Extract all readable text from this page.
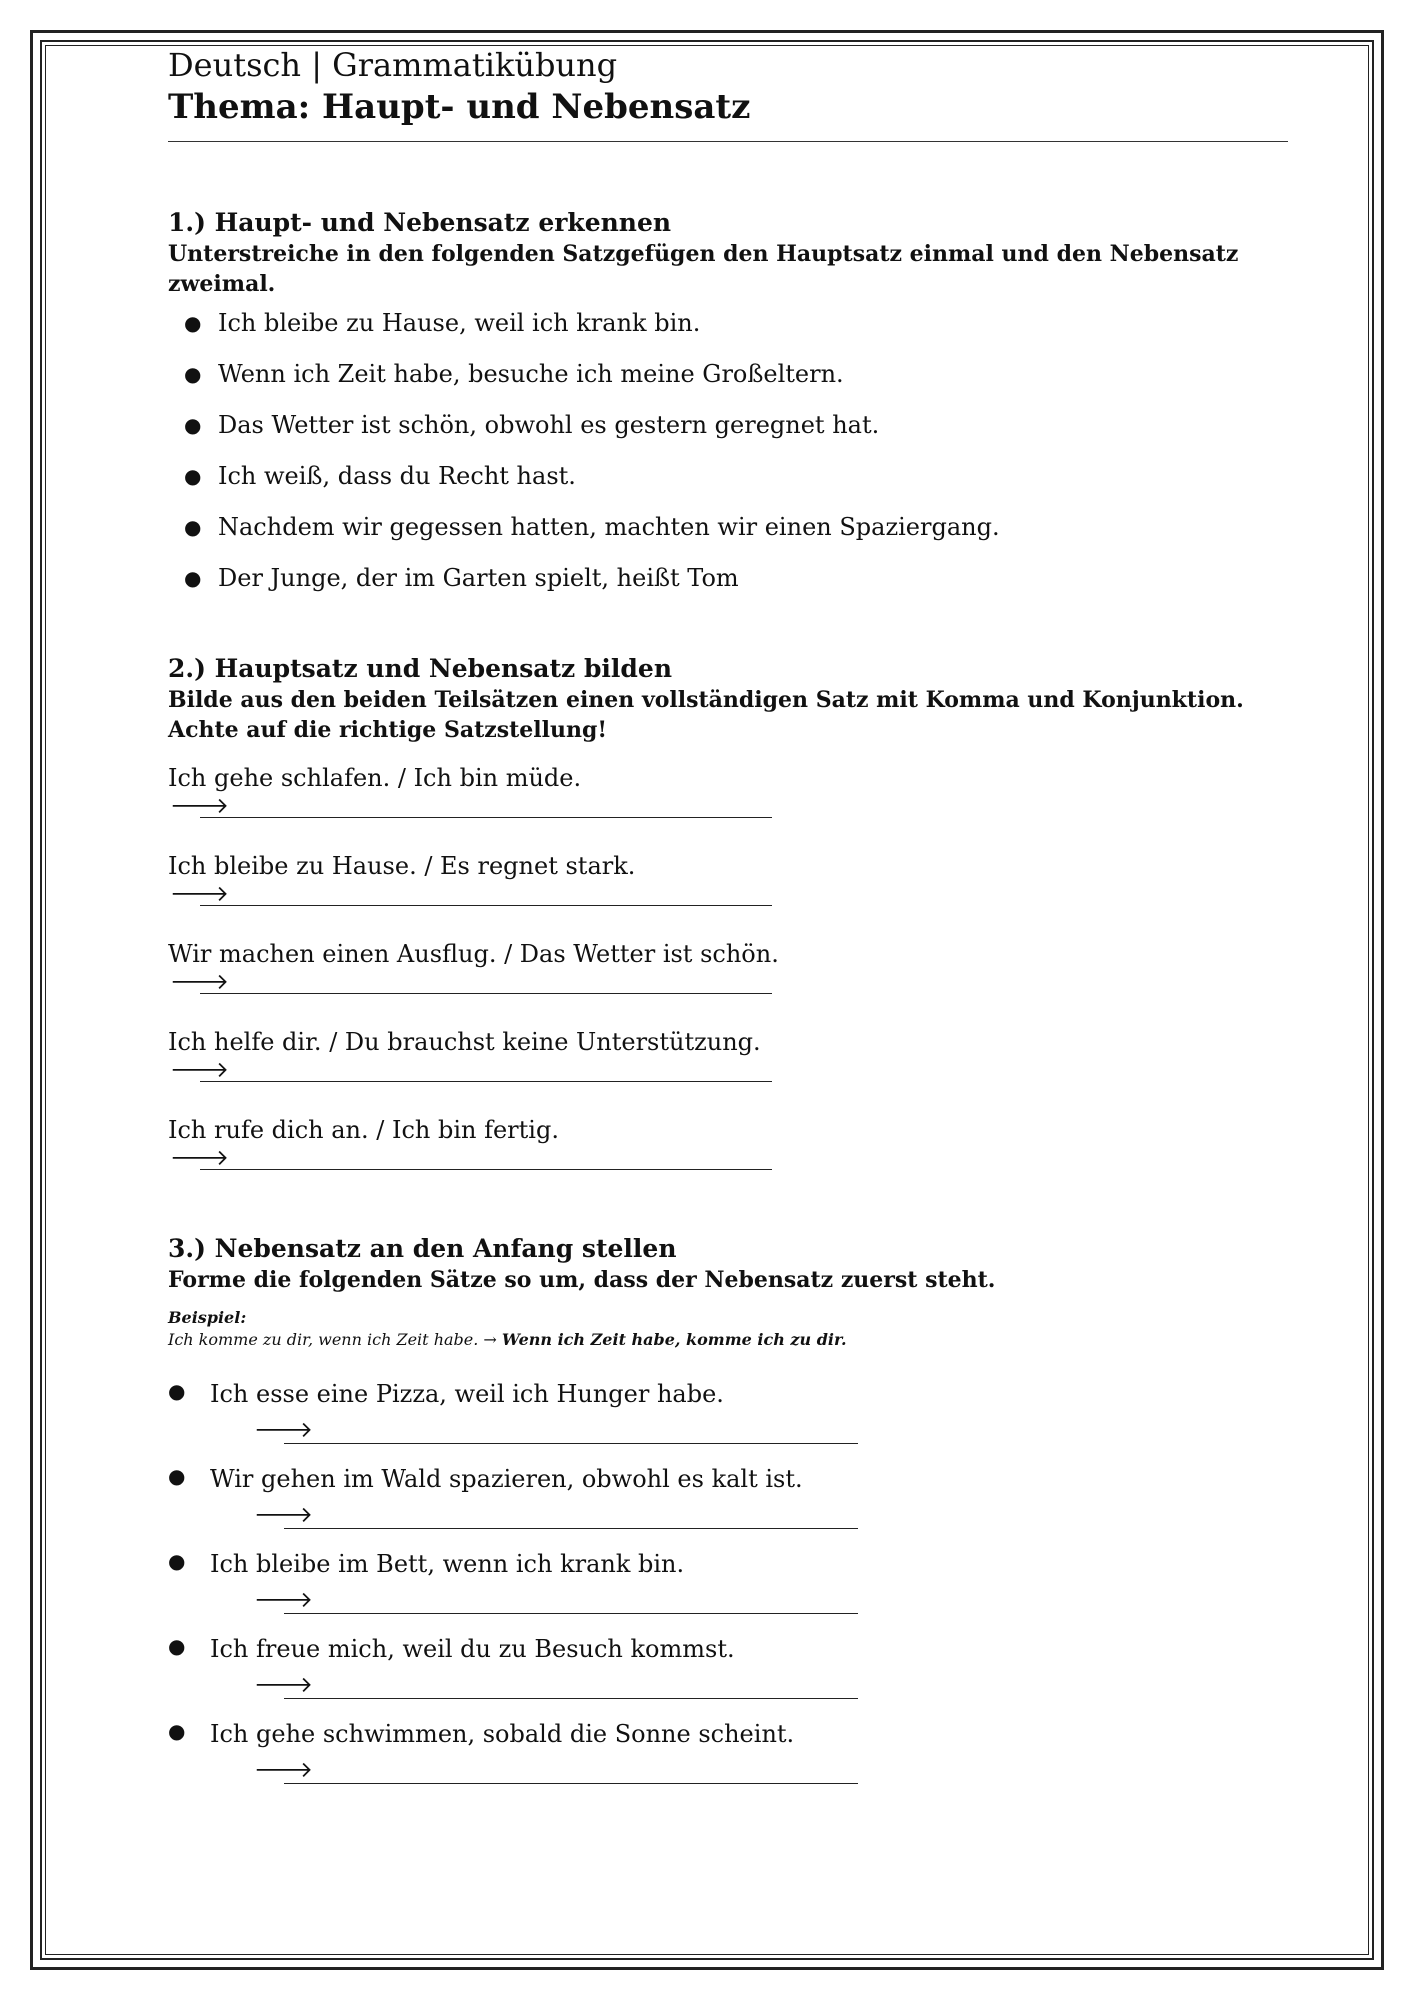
Deutsch | Grammatikübung
Thema: Haupt- und Nebensatz
1.) Haupt- und Nebensatz erkennen
Unterstreiche in den folgenden Satzgefügen den Hauptsatz einmal und den Nebensatz zweimal.
● Ich bleibe zu Hause, weil ich krank bin.
● Wenn ich Zeit habe, besuche ich meine Großeltern.
● Das Wetter ist schön, obwohl es gestern geregnet hat.
● Ich weiß, dass du Recht hast.
● Nachdem wir gegessen hatten, machten wir einen Spaziergang.
● Der Junge, der im Garten spielt, heißt Tom
2.) Hauptsatz und Nebensatz bilden
Bilde aus den beiden Teilsätzen einen vollständigen Satz mit Komma und Konjunktion.
Achte auf die richtige Satzstellung!
Ich gehe schlafen. / Ich bin müde.
🡒
Ich bleibe zu Hause. / Es regnet stark.
🡒
Wir machen einen Ausflug. / Das Wetter ist schön.
🡒
Ich helfe dir. / Du brauchst keine Unterstützung.
🡒
Ich rufe dich an. / Ich bin fertig.
🡒
3.) Nebensatz an den Anfang stellen
Forme die folgenden Sätze so um, dass der Nebensatz zuerst steht.
Beispiel:
Ich komme zu dir, wenn ich Zeit habe. → Wenn ich Zeit habe, komme ich zu dir.
● Ich esse eine Pizza, weil ich Hunger habe.
🡒
● Wir gehen im Wald spazieren, obwohl es kalt ist.
🡒
● Ich bleibe im Bett, wenn ich krank bin.
🡒
● Ich freue mich, weil du zu Besuch kommst.
🡒
● Ich gehe schwimmen, sobald die Sonne scheint.
🡒
